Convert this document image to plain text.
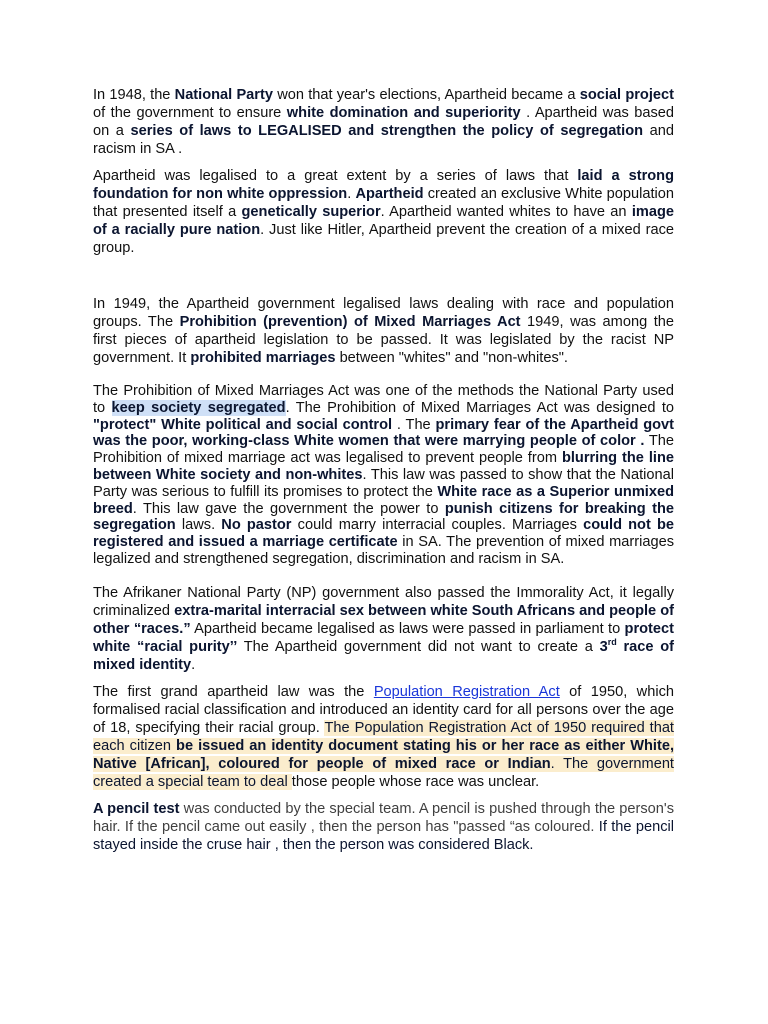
In 1948, the National Party won that year's elections, Apartheid became a social project of the government to ensure white domination and superiority . Apartheid was based on a series of laws to LEGALISED and strengthen the policy of segregation and racism in SA .

Apartheid was legalised to a great extent by a series of laws that laid a strong foundation for non white oppression. Apartheid created an exclusive White population that presented itself a genetically superior. Apartheid wanted whites to have an image of a racially pure nation. Just like Hitler, Apartheid prevent the creation of a mixed race group.

In 1949, the Apartheid government legalised laws dealing with race and population groups. The Prohibition (prevention) of Mixed Marriages Act 1949, was among the first pieces of apartheid legislation to be passed. It was legislated by the racist NP government. It prohibited marriages between "whites" and "non-whites".

The Prohibition of Mixed Marriages Act was one of the methods the National Party used to keep society segregated. The Prohibition of Mixed Marriages Act was designed to "protect" White political and social control . The primary fear of the Apartheid govt was the poor, working-class White women that were marrying people of color . The Prohibition of mixed marriage act was legalised to prevent people from blurring the line between White society and non-whites. This law was passed to show that the National Party was serious to fulfill its promises to protect the White race as a Superior unmixed breed. This law gave the government the power to punish citizens for breaking the segregation laws. No pastor could marry interracial couples. Marriages could not be registered and issued a marriage certificate in SA. The prevention of mixed marriages legalized and strengthened segregation, discrimination and racism in SA.

The Afrikaner National Party (NP) government also passed the Immorality Act, it legally criminalized extra-marital interracial sex between white South Africans and people of other “races.” Apartheid became legalised as laws were passed in parliament to protect white “racial purity’’ The Apartheid government did not want to create a 3rd race of mixed identity.

The first grand apartheid law was the Population Registration Act of 1950, which formalised racial classification and introduced an identity card for all persons over the age of 18, specifying their racial group. The Population Registration Act of 1950 required that each citizen be issued an identity document stating his or her race as either White, Native [African], coloured for people of mixed race or Indian. The government created a special team to deal those people whose race was unclear.

A pencil test was conducted by the special team. A pencil is pushed through the person's hair. If the pencil came out easily , then the person has "passed “as coloured. If the pencil stayed inside the cruse hair , then the person was considered Black.
